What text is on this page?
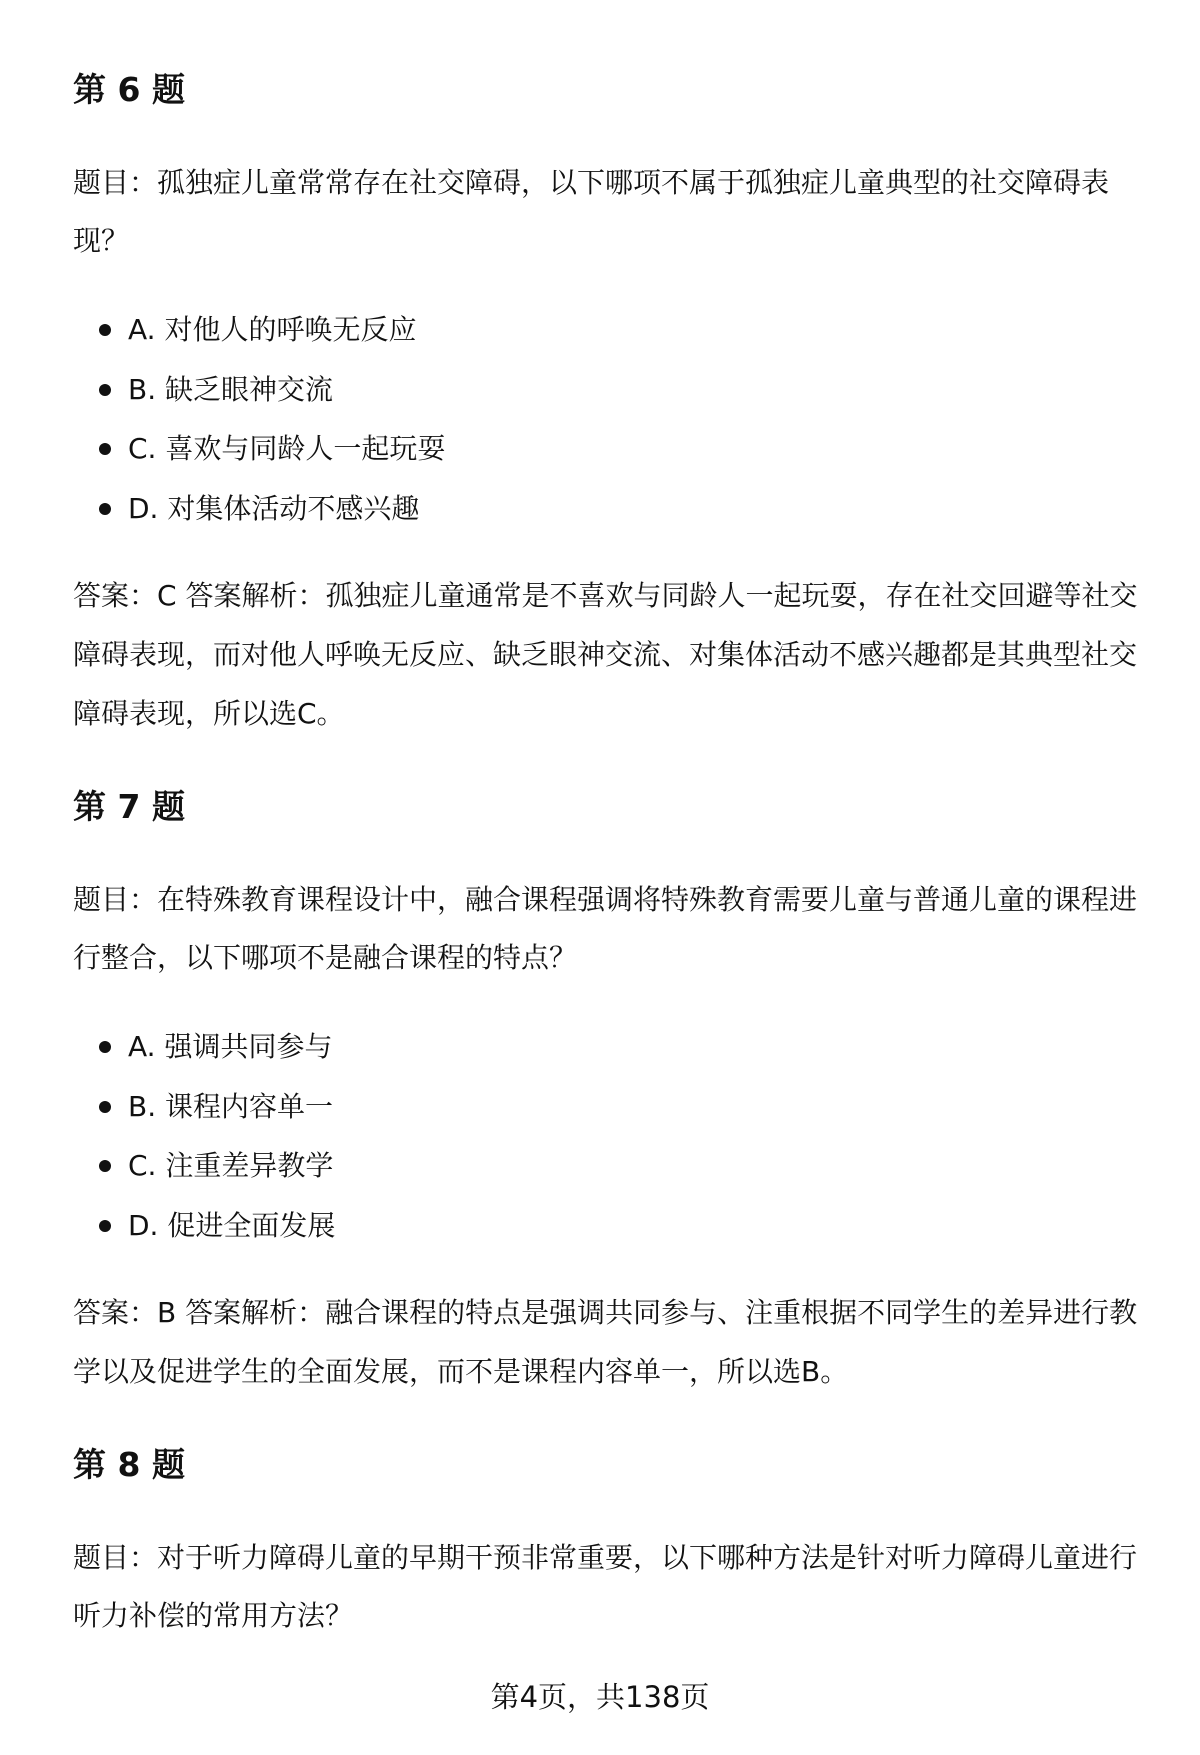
第 6 题

题目：孤独症儿童常常存在社交障碍，以下哪项不属于孤独症儿童典型的社交障碍表现？

A. 对他人的呼唤无反应
B. 缺乏眼神交流
C. 喜欢与同龄人一起玩耍
D. 对集体活动不感兴趣

答案：C 答案解析：孤独症儿童通常是不喜欢与同龄人一起玩耍，存在社交回避等社交障碍表现，而对他人呼唤无反应、缺乏眼神交流、对集体活动不感兴趣都是其典型社交障碍表现，所以选C。

第 7 题

题目：在特殊教育课程设计中，融合课程强调将特殊教育需要儿童与普通儿童的课程进行整合，以下哪项不是融合课程的特点？

A. 强调共同参与
B. 课程内容单一
C. 注重差异教学
D. 促进全面发展

答案：B 答案解析：融合课程的特点是强调共同参与、注重根据不同学生的差异进行教学以及促进学生的全面发展，而不是课程内容单一，所以选B。

第 8 题

题目：对于听力障碍儿童的早期干预非常重要，以下哪种方法是针对听力障碍儿童进行听力补偿的常用方法？

第4页，共138页
